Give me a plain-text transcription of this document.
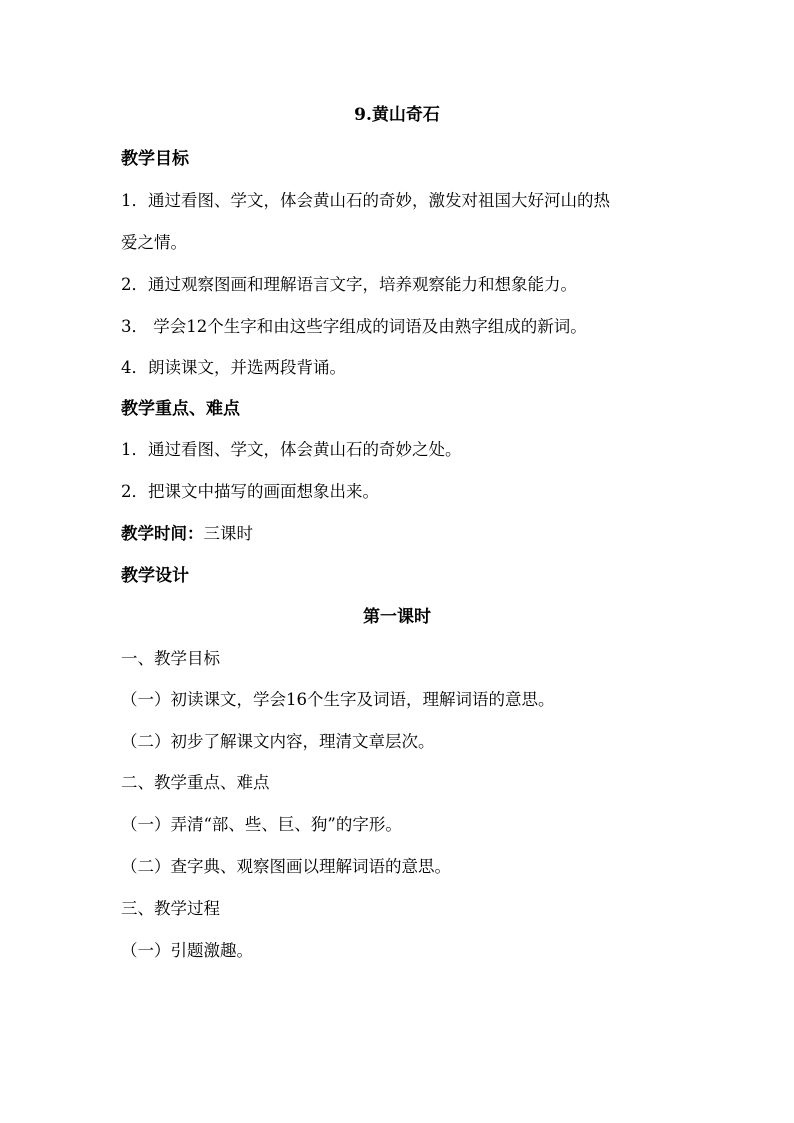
9.黄山奇石
教学目标
1．通过看图、学文，体会黄山石的奇妙，激发对祖国大好河山的热
爱之情。
2．通过观察图画和理解语言文字，培养观察能力和想象能力。
3． 学会12个生字和由这些字组成的词语及由熟字组成的新词。
4．朗读课文，并选两段背诵。
教学重点、难点
1．通过看图、学文，体会黄山石的奇妙之处。
2．把课文中描写的画面想象出来。
教学时间：三课时
教学设计
第一课时
一、教学目标
（一）初读课文，学会16个生字及词语，理解词语的意思。
（二）初步了解课文内容，理清文章层次。
二、教学重点、难点
（一）弄清“部、些、巨、狗”的字形。
（二）查字典、观察图画以理解词语的意思。
三、教学过程
（一）引题激趣。
